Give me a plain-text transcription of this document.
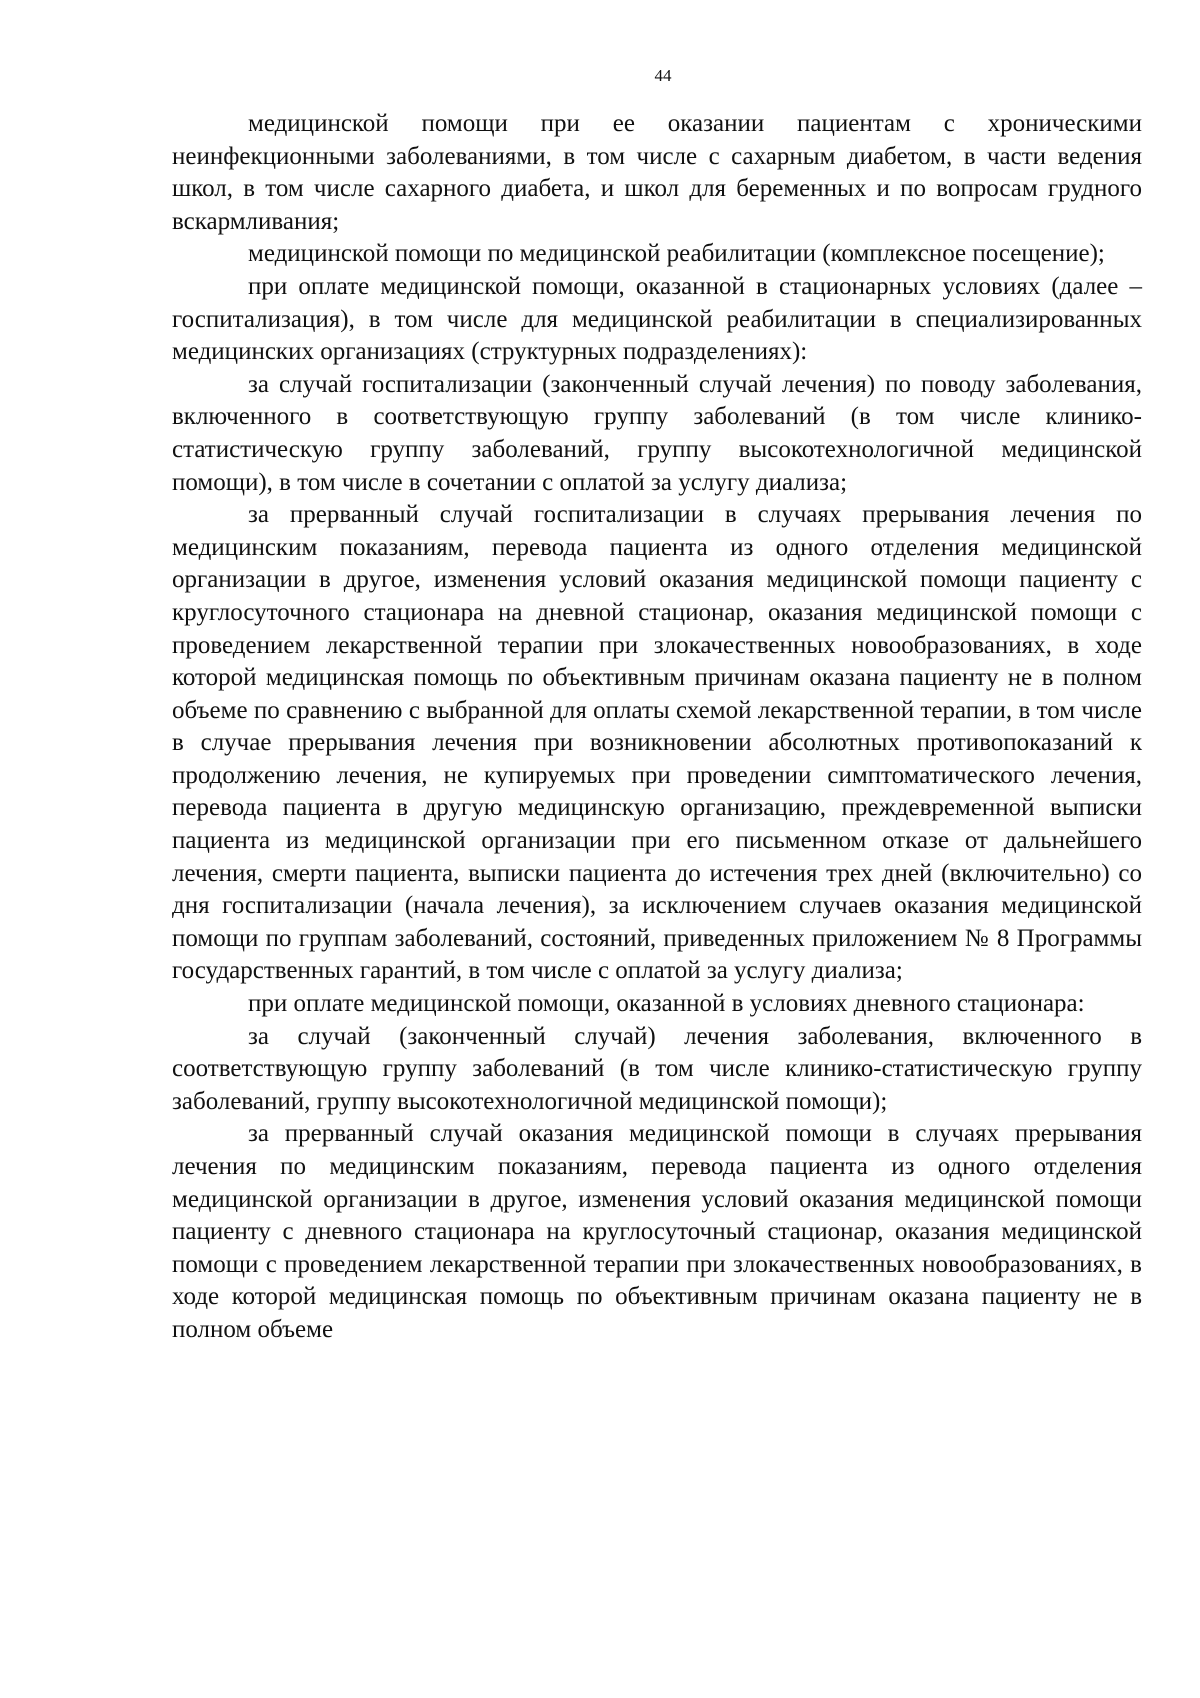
44

медицинской помощи при ее оказании пациентам с хроническими неинфекционными заболеваниями, в том числе с сахарным диабетом, в части ведения школ, в том числе сахарного диабета, и школ для беременных и по вопросам грудного вскармливания;

медицинской помощи по медицинской реабилитации (комплексное посещение);

при оплате медицинской помощи, оказанной в стационарных условиях (далее – госпитализация), в том числе для медицинской реабилитации в специализированных медицинских организациях (структурных подразделениях):

за случай госпитализации (законченный случай лечения) по поводу заболевания, включенного в соответствующую группу заболеваний (в том числе клинико-статистическую группу заболеваний, группу высокотехнологичной медицинской помощи), в том числе в сочетании с оплатой за услугу диализа;

за прерванный случай госпитализации в случаях прерывания лечения по медицинским показаниям, перевода пациента из одного отделения медицинской организации в другое, изменения условий оказания медицинской помощи пациенту с круглосуточного стационара на дневной стационар, оказания медицинской помощи с проведением лекарственной терапии при злокачественных новообразованиях, в ходе которой медицинская помощь по объективным причинам оказана пациенту не в полном объеме по сравнению с выбранной для оплаты схемой лекарственной терапии, в том числе в случае прерывания лечения при возникновении абсолютных противопоказаний к продолжению лечения, не купируемых при проведении симптоматического лечения, перевода пациента в другую медицинскую организацию, преждевременной выписки пациента из медицинской организации при его письменном отказе от дальнейшего лечения, смерти пациента, выписки пациента до истечения трех дней (включительно) со дня госпитализации (начала лечения), за исключением случаев оказания медицинской помощи по группам заболеваний, состояний, приведенных приложением № 8 Программы государственных гарантий, в том числе с оплатой за услугу диализа;

при оплате медицинской помощи, оказанной в условиях дневного стационара:

за случай (законченный случай) лечения заболевания, включенного в соответствующую группу заболеваний (в том числе клинико-статистическую группу заболеваний, группу высокотехнологичной медицинской помощи);

за прерванный случай оказания медицинской помощи в случаях прерывания лечения по медицинским показаниям, перевода пациента из одного отделения медицинской организации в другое, изменения условий оказания медицинской помощи пациенту с дневного стационара на круглосуточный стационар, оказания медицинской помощи с проведением лекарственной терапии при злокачественных новообразованиях, в ходе которой медицинская помощь по объективным причинам оказана пациенту не в полном объеме
